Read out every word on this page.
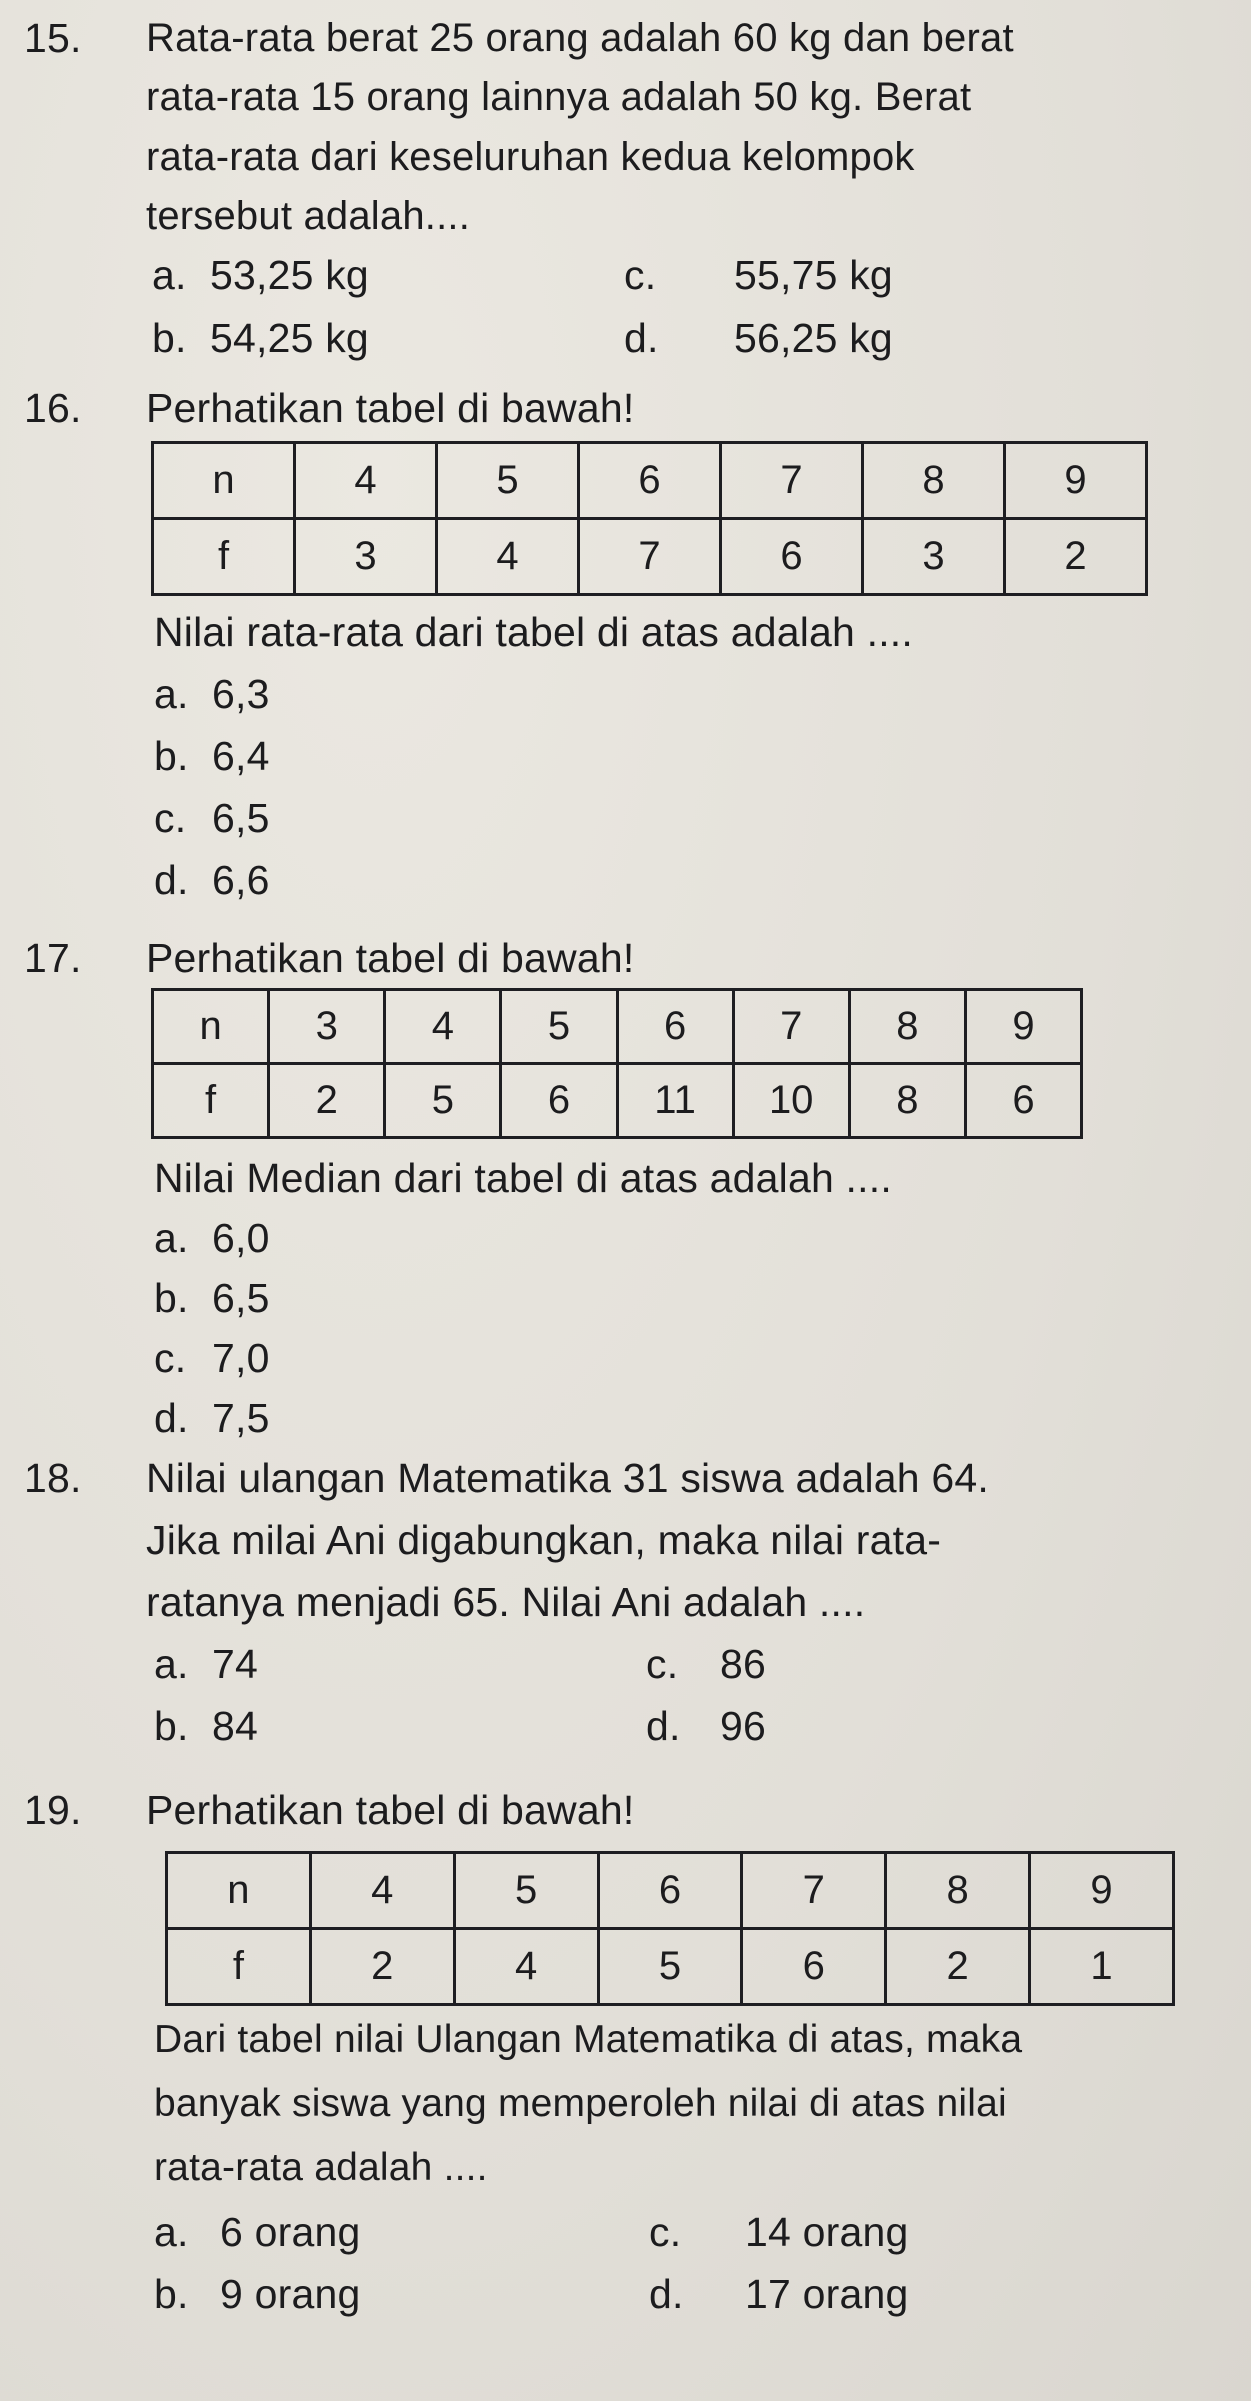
15. Rata-rata berat 25 orang adalah 60 kg dan berat
rata-rata 15 orang lainnya adalah 50 kg. Berat
rata-rata dari keseluruhan kedua kelompok
tersebut adalah....
a. 53,25 kg
b. 54,25 kg
c. 55,75 kg
d. 56,25 kg
16. Perhatikan tabel di bawah!
n	4	5	6	7	8	9
f	3	4	7	6	3	2
Nilai rata-rata dari tabel di atas adalah ....
a. 6,3
b. 6,4
c. 6,5
d. 6,6
17. Perhatikan tabel di bawah!
n	3	4	5	6	7	8	9
f	2	5	6	11	10	8	6
Nilai Median dari tabel di atas adalah ....
a. 6,0
b. 6,5
c. 7,0
d. 7,5
18. Nilai ulangan Matematika 31 siswa adalah 64.
Jika milai Ani digabungkan, maka nilai rata-
ratanya menjadi 65. Nilai Ani adalah ....
a. 74
b. 84
c. 86
d. 96
19. Perhatikan tabel di bawah!
n	4	5	6	7	8	9
f	2	4	5	6	2	1
Dari tabel nilai Ulangan Matematika di atas, maka
banyak siswa yang memperoleh nilai di atas nilai
rata-rata adalah ....
a. 6 orang
b. 9 orang
c. 14 orang
d. 17 orang
